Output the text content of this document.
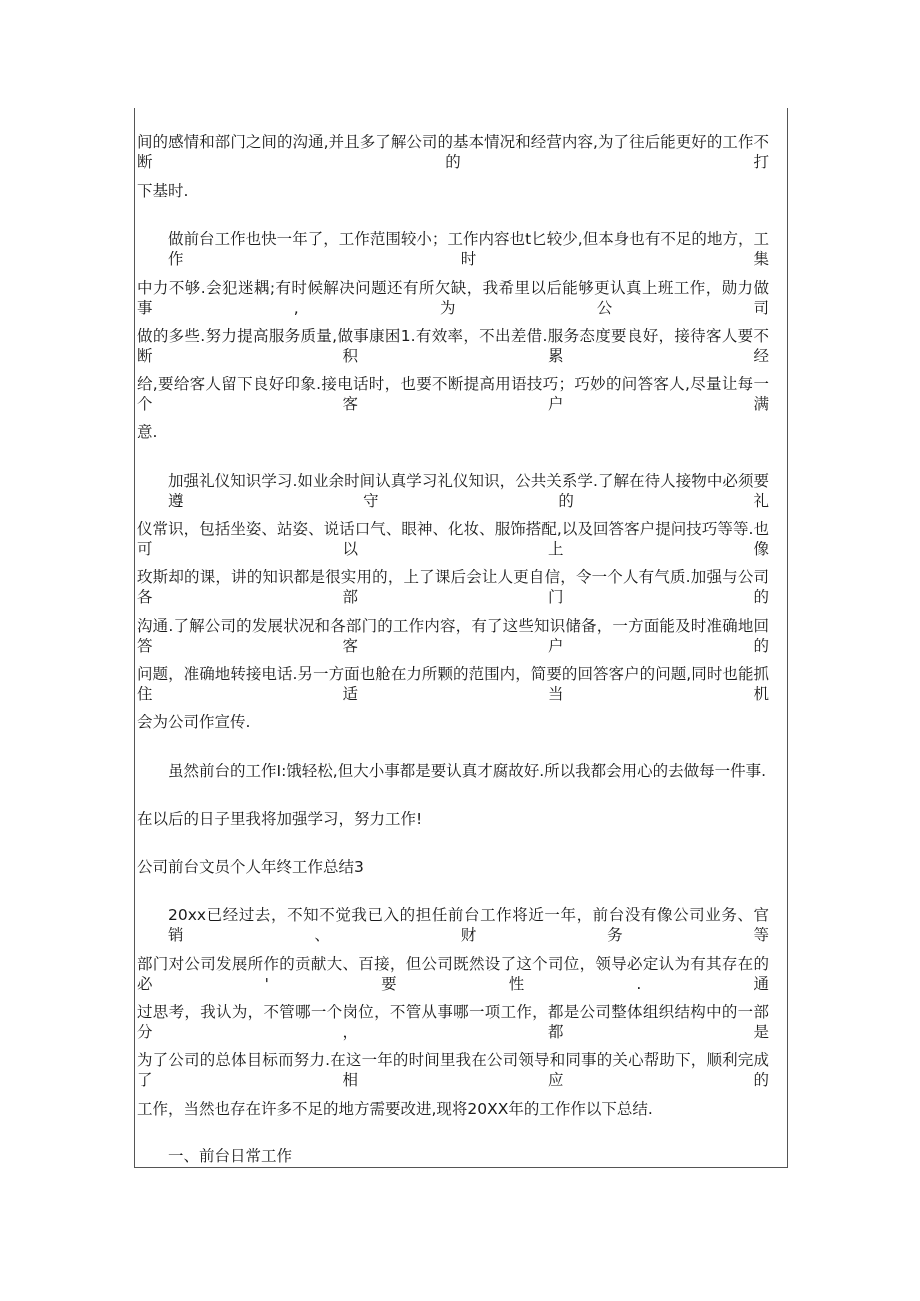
间的感情和部门之间的沟通,并且多了解公司的基本情况和经营内容,为了往后能更好的工作不断的打
下基时.
做前台工作也快一年了，工作范围较小；工作内容也t匕较少,但本身也有不足的地方，工作时集
中力不够.会犯迷耦;有时候解决问题还有所欠缺，我希里以后能够更认真上班工作，勋力做事,为公司
做的多些.努力提高服务质量,做事康困1.有效率，不出差借.服务态度要良好，接待客人要不断积累经
给,要给客人留下良好印象.接电话时，也要不断提高用语技巧；巧妙的问答客人,尽量让每一个客户满
意.
加强礼仪知识学习.如业余时间认真学习礼仪知识，公共关系学.了解在待人接物中必须要遵守的礼
仪常识，包括坐姿、站姿、说话口气、眼神、化妆、服饰搭配,以及回答客户提问技巧等等.也可以上像
玫斯却的课，讲的知识都是很实用的，上了课后会让人更自信，令一个人有气质.加强与公司各部门的
沟通.了解公司的发展状况和各部门的工作内容，有了这些知识储备，一方面能及时准确地回答客户的
问题，准确地转接电话.另一方面也舱在力所颗的范围内，简要的回答客户的问题,同时也能抓住适当机
会为公司作宣传.
虽然前台的工作I:饿轻松,但大小事都是要认真才腐故好.所以我都会用心的去做每一件事.
在以后的日子里我将加强学习，努力工作!
公司前台文员个人年终工作总结3
20xx已经过去，不知不觉我已入的担任前台工作将近一年，前台没有像公司业务、官销、财务等
部门对公司发展所作的贡献大、百接，但公司既然设了这个司位，领导必定认为有其存在的必'要性.通
过思考，我认为，不管哪一个岗位，不管从事哪一项工作，都是公司整体组织结构中的一部分，都是
为了公司的总体目标而努力.在这一年的时间里我在公司领导和同事的关心帮助下，顺利完成了相应的
工作，当然也存在许多不足的地方需要改进,现将20XX年的工作作以下总结.
一、前台日常工作
